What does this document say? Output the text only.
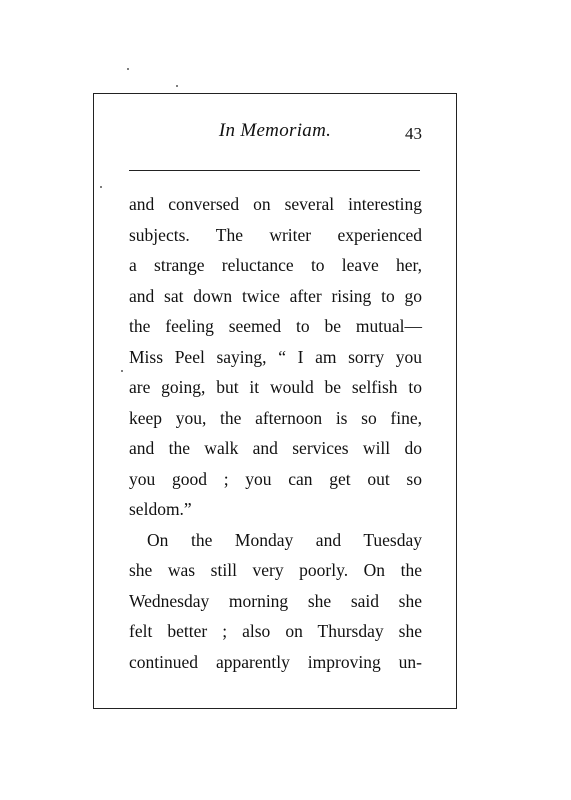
In Memoriam.	43
and conversed on several interesting
subjects. The writer experienced
a strange reluctance to leave her,
and sat down twice after rising to go
the feeling seemed to be mutual—
Miss Peel saying, “ I am sorry you
are going, but it would be selfish to
keep you, the afternoon is so fine,
and the walk and services will do
you good ; you can get out so
seldom.”
On the Monday and Tuesday
she was still very poorly. On the
Wednesday morning she said she
felt better ; also on Thursday she
continued apparently improving un-
